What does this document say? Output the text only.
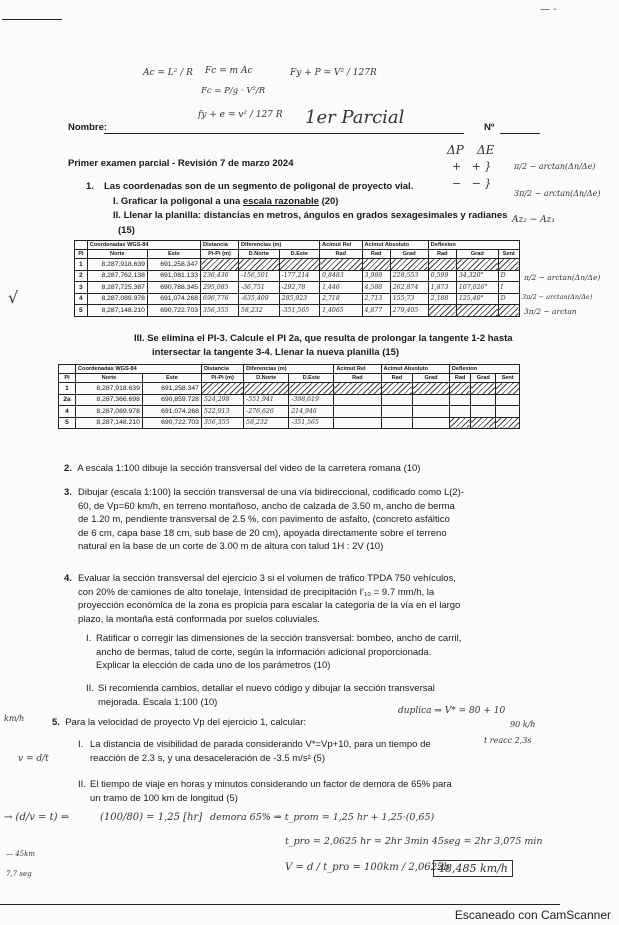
— -
Ac = L² / R Fc = m Ac
Fc = P/g · V²/R
Fy + P = V² / 127R
fy + e = v² / 127 R
Nombre:	1er Parcial	Nº
ΔP ΔE
+   + }
−   − }
π/2 − arctan(Δn/Δe)
3π/2 − arctan(Δn/Δe)
Az₂ − Az₁
Primer examen parcial - Revisión 7 de marzo 2024
1. Las coordenadas son de un segmento de poligonal de proyecto vial.
I. Graficar la poligonal a una escala razonable (20)
II. Llenar la planilla: distancias en metros, ángulos en grados sexagesimales y radianes
(15)
	Coordenadas WGS-84		Distancia	Diferencias (m)		Acimut Rel	Acimut Absoluto		Deflexion		
PI	Norte	Este	Pi-Pi (m)	D.Norte	D.Este	Rad	Rad	Grad	Rad	Grad	Sent
1	8,287,918.639	691,258.347									
2	8,287,762.138	691,081.133	236,436	-156,501	-177,214	0,8483	3,989	228,553	0,599	34,320°	D
3	8,287,725.387	690,788.345	295,085	-36,751	-292,78	1,446	4,588	262,874	1,873	107,026°	I
4	8,287,089.978	691,074.268	696,776	-635,409	285,923	2,718	2,713	155,73	2,188	125,40°	D
5	8,287,148.210	690,722.703	356,355	58,232	-351,565	1,4065	4,877	279,405			
π/2 − arctan(Δn/Δe)
3π/2 − arctan(Δn/Δe)
3π/2 − arctan
√
III. Se elimina el PI-3. Calcule el PI 2a, que resulta de prolongar la tangente 1-2 hasta
intersectar la tangente 3-4. Llenar la nueva planilla (15)
	Coordenadas WGS-84		Distancia	Diferencias (m)		Acimut Rel	Acimut Absoluto		Deflexion		
PI	Norte	Este	Pi-Pi (m)	D.Norte	D.Este	Rad	Rad	Grad	Rad	Grad	Sent
1	8,287,918.639	691,258.347									
2a	8,287,366.698	690,859.728	524,298	-551,941	-398,619						
4	8,287,089.978	691,074.268	522,913	-276,626	214,946						
5	8,287,148.210	690,722.703	356,355	58,232	-351,565						
2. A escala 1:100 dibuje la sección transversal del video de la carretera romana (10)
3. Dibujar (escala 1:100) la sección transversal de una vía bidireccional, codificado como L(2)-
60, de Vp=60 km/h, en terreno montañoso, ancho de calzada de 3.50 m, ancho de berma
de 1.20 m, pendiente transversal de 2.5 %, con pavimento de asfalto, (concreto asfáltico
de 6 cm, capa base 18 cm, sub base de 20 cm), apoyada directamente sobre el terreno
natural en la base de un corte de 3.00 m de altura con talud 1H : 2V (10)
4. Evaluar la sección transversal del ejercicio 3 si el volumen de tráfico TPDA 750 vehículos,
con 20% de camiones de alto tonelaje, Intensidad de precipitación I'₁₀ = 9.7 mm/h, la
proyección económica de la zona es propicia para escalar la categoría de la vía en el largo
plazo, la montaña está conformada por suelos coluviales.
I. Ratificar o corregir las dimensiones de la sección transversal: bombeo, ancho de carril,
ancho de bermas, talud de corte, según la información adicional proporcionada.
Explicar la elección de cada uno de los parámetros (10)
II. Si recomienda cambios, detallar el nuevo código y dibujar la sección transversal
mejorada. Escala 1:100 (10)
km/h	5. Para la velocidad de proyecto Vp del ejercicio 1, calcular:
duplica ⇒ V* = 80 + 10
90 k/h
t reacc 2,3s
I. La distancia de visibilidad de parada considerando V*=Vp+10, para un tiempo de
reacción de 2.3 s, y una desaceleración de -3.5 m/s² (5)
v = d/t
II. El tiempo de viaje en horas y minutos considerando un factor de demora de 65% para
un tramo de 100 km de longitud (5)
→ (d/v = t) ⇒	(100/80) = 1,25 [hr] demora 65% ⇒ t_prom = 1,25 hr + 1,25·(0,65)
t_pro = 2,0625 hr = 2hr 3min 45seg = 2hr 3,075 min
V = d / t_pro = 100km / 2,0625h
48,485 km/h
— 45km
7,7 seg
Escaneado con CamScanner
